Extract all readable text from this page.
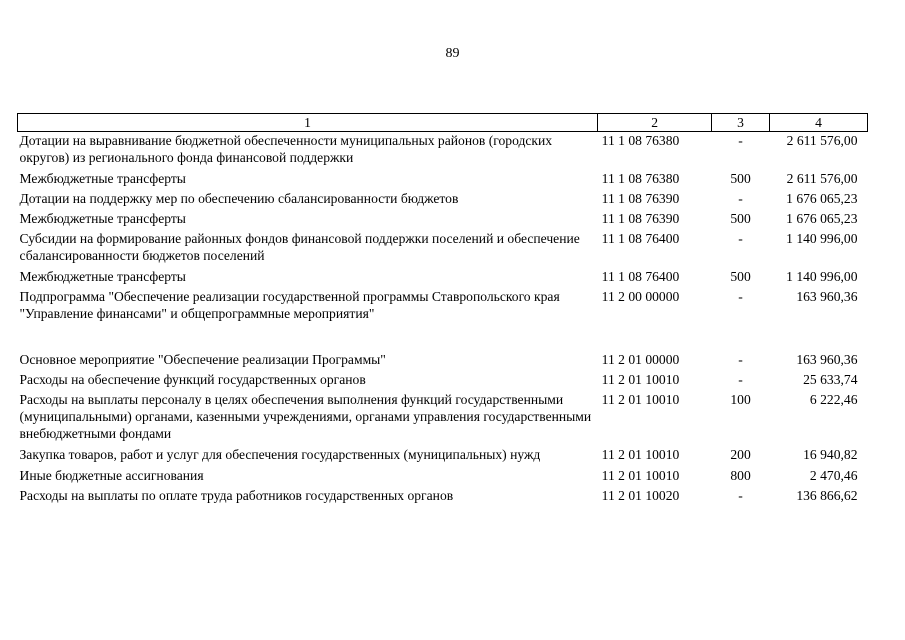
89
1	2	3	4
Дотации на выравнивание бюджетной обеспеченности муниципальных районов (городских округов) из регионального фонда финансовой поддержки	11 1 08 76380	-	2 611 576,00
Межбюджетные трансферты	11 1 08 76380	500	2 611 576,00
Дотации на поддержку мер по обеспечению сбалансированности бюджетов	11 1 08 76390	-	1 676 065,23
Межбюджетные трансферты	11 1 08 76390	500	1 676 065,23
Субсидии на формирование районных фондов финансовой поддержки поселений и обеспечение сбалансированности бюджетов поселений	11 1 08 76400	-	1 140 996,00
Межбюджетные трансферты	11 1 08 76400	500	1 140 996,00
Подпрограмма "Обеспечение реализации государственной программы Ставропольского края "Управление финансами" и общепрограммные мероприятия"	11 2 00 00000	-	163 960,36
Основное мероприятие "Обеспечение реализации Программы"	11 2 01 00000	-	163 960,36
Расходы на обеспечение функций государственных органов	11 2 01 10010	-	25 633,74
Расходы на выплаты персоналу в целях обеспечения выполнения функций государственными (муниципальными) органами, казенными учреждениями, органами управления государственными внебюджетными фондами	11 2 01 10010	100	6 222,46
Закупка товаров, работ и услуг для обеспечения государственных (муниципальных) нужд	11 2 01 10010	200	16 940,82
Иные бюджетные ассигнования	11 2 01 10010	800	2 470,46
Расходы на выплаты по оплате труда работников государственных органов	11 2 01 10020	-	136 866,62
